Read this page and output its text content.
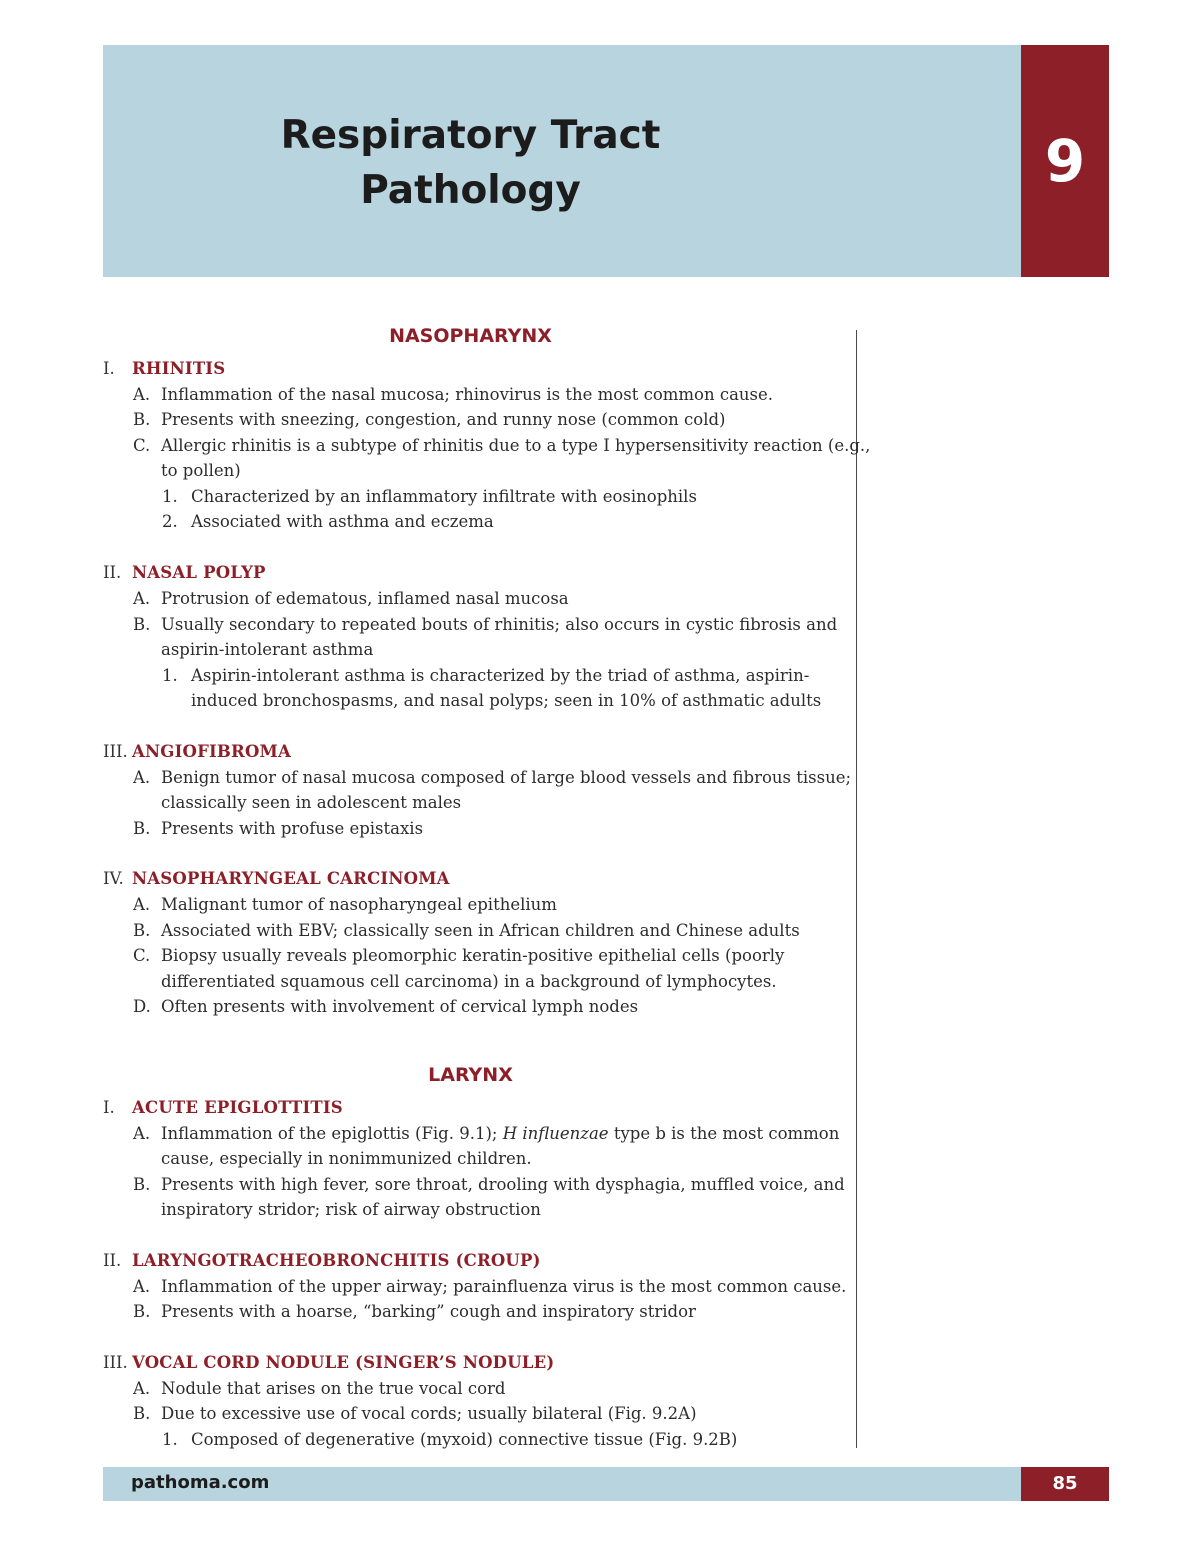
Respiratory Tract
Pathology	9
NASOPHARYNX
I. RHINITIS
A. Inflammation of the nasal mucosa; rhinovirus is the most common cause.
B. Presents with sneezing, congestion, and runny nose (common cold)
C. Allergic rhinitis is a subtype of rhinitis due to a type I hypersensitivity reaction (e.g.,
to pollen)
1. Characterized by an inflammatory infiltrate with eosinophils
2. Associated with asthma and eczema
II. NASAL POLYP
A. Protrusion of edematous, inflamed nasal mucosa
B. Usually secondary to repeated bouts of rhinitis; also occurs in cystic fibrosis and
aspirin-intolerant asthma
1. Aspirin-intolerant asthma is characterized by the triad of asthma, aspirin-
induced bronchospasms, and nasal polyps; seen in 10% of asthmatic adults
III. ANGIOFIBROMA
A. Benign tumor of nasal mucosa composed of large blood vessels and fibrous tissue;
classically seen in adolescent males
B. Presents with profuse epistaxis
IV. NASOPHARYNGEAL CARCINOMA
A. Malignant tumor of nasopharyngeal epithelium
B. Associated with EBV; classically seen in African children and Chinese adults
C. Biopsy usually reveals pleomorphic keratin-positive epithelial cells (poorly
differentiated squamous cell carcinoma) in a background of lymphocytes.
D. Often presents with involvement of cervical lymph nodes
LARYNX
I. ACUTE EPIGLOTTITIS
A. Inflammation of the epiglottis (Fig. 9.1); H influenzae type b is the most common
cause, especially in nonimmunized children.
B. Presents with high fever, sore throat, drooling with dysphagia, muffled voice, and
inspiratory stridor; risk of airway obstruction
II. LARYNGOTRACHEOBRONCHITIS (CROUP)
A. Inflammation of the upper airway; parainfluenza virus is the most common cause.
B. Presents with a hoarse, “barking” cough and inspiratory stridor
III. VOCAL CORD NODULE (SINGER’S NODULE)
A. Nodule that arises on the true vocal cord
B. Due to excessive use of vocal cords; usually bilateral (Fig. 9.2A)
1. Composed of degenerative (myxoid) connective tissue (Fig. 9.2B)
pathoma.com	85
